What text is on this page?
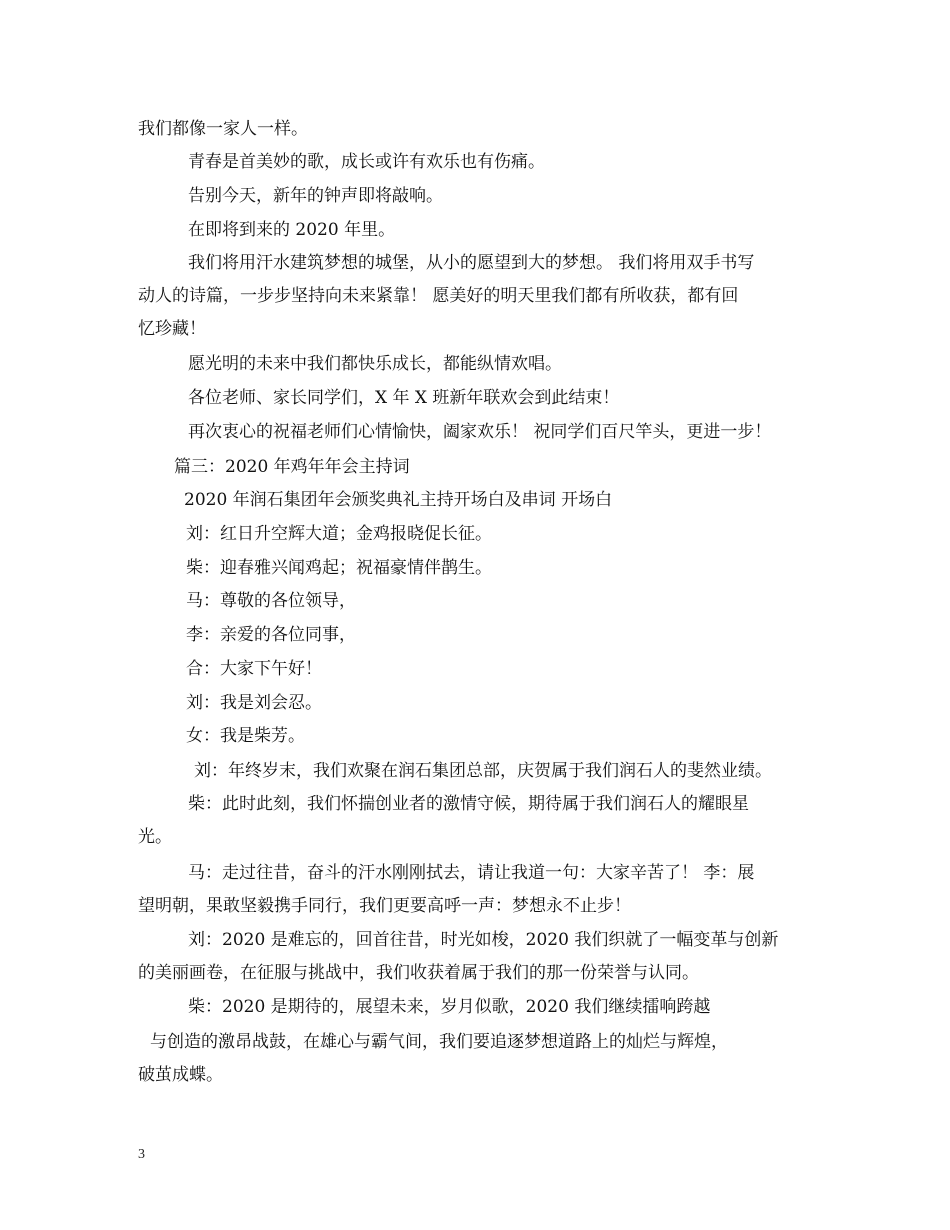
我们都像一家人一样。
青春是首美妙的歌，成长或许有欢乐也有伤痛。
告别今天，新年的钟声即将敲响。
在即将到来的 2020 年里。
我们将用汗水建筑梦想的城堡，从小的愿望到大的梦想。 我们将用双手书写
动人的诗篇，一步步坚持向未来紧靠！ 愿美好的明天里我们都有所收获，都有回
忆珍藏！
愿光明的未来中我们都快乐成长，都能纵情欢唱。
各位老师、家长同学们，X 年 X 班新年联欢会到此结束！
再次衷心的祝福老师们心情愉快，阖家欢乐！ 祝同学们百尺竿头，更进一步！
篇三：2020 年鸡年年会主持词
2020 年润石集团年会颁奖典礼主持开场白及串词 开场白
刘：红日升空辉大道；金鸡报晓促长征。
柴：迎春雅兴闻鸡起；祝福豪情伴鹊生。
马：尊敬的各位领导，
李：亲爱的各位同事，
合：大家下午好！
刘：我是刘会忍。
女：我是柴芳。
刘：年终岁末，我们欢聚在润石集团总部，庆贺属于我们润石人的斐然业绩。
柴：此时此刻，我们怀揣创业者的激情守候，期待属于我们润石人的耀眼星
光。
马：走过往昔，奋斗的汗水刚刚拭去，请让我道一句：大家辛苦了！ 李：展
望明朝，果敢坚毅携手同行，我们更要高呼一声：梦想永不止步！
刘：2020 是难忘的，回首往昔，时光如梭，2020 我们织就了一幅变革与创新
的美丽画卷，在征服与挑战中，我们收获着属于我们的那一份荣誉与认同。
柴：2020 是期待的，展望未来，岁月似歌，2020 我们继续擂响跨越
与创造的激昂战鼓，在雄心与霸气间，我们要追逐梦想道路上的灿烂与辉煌，
破茧成蝶。
3
